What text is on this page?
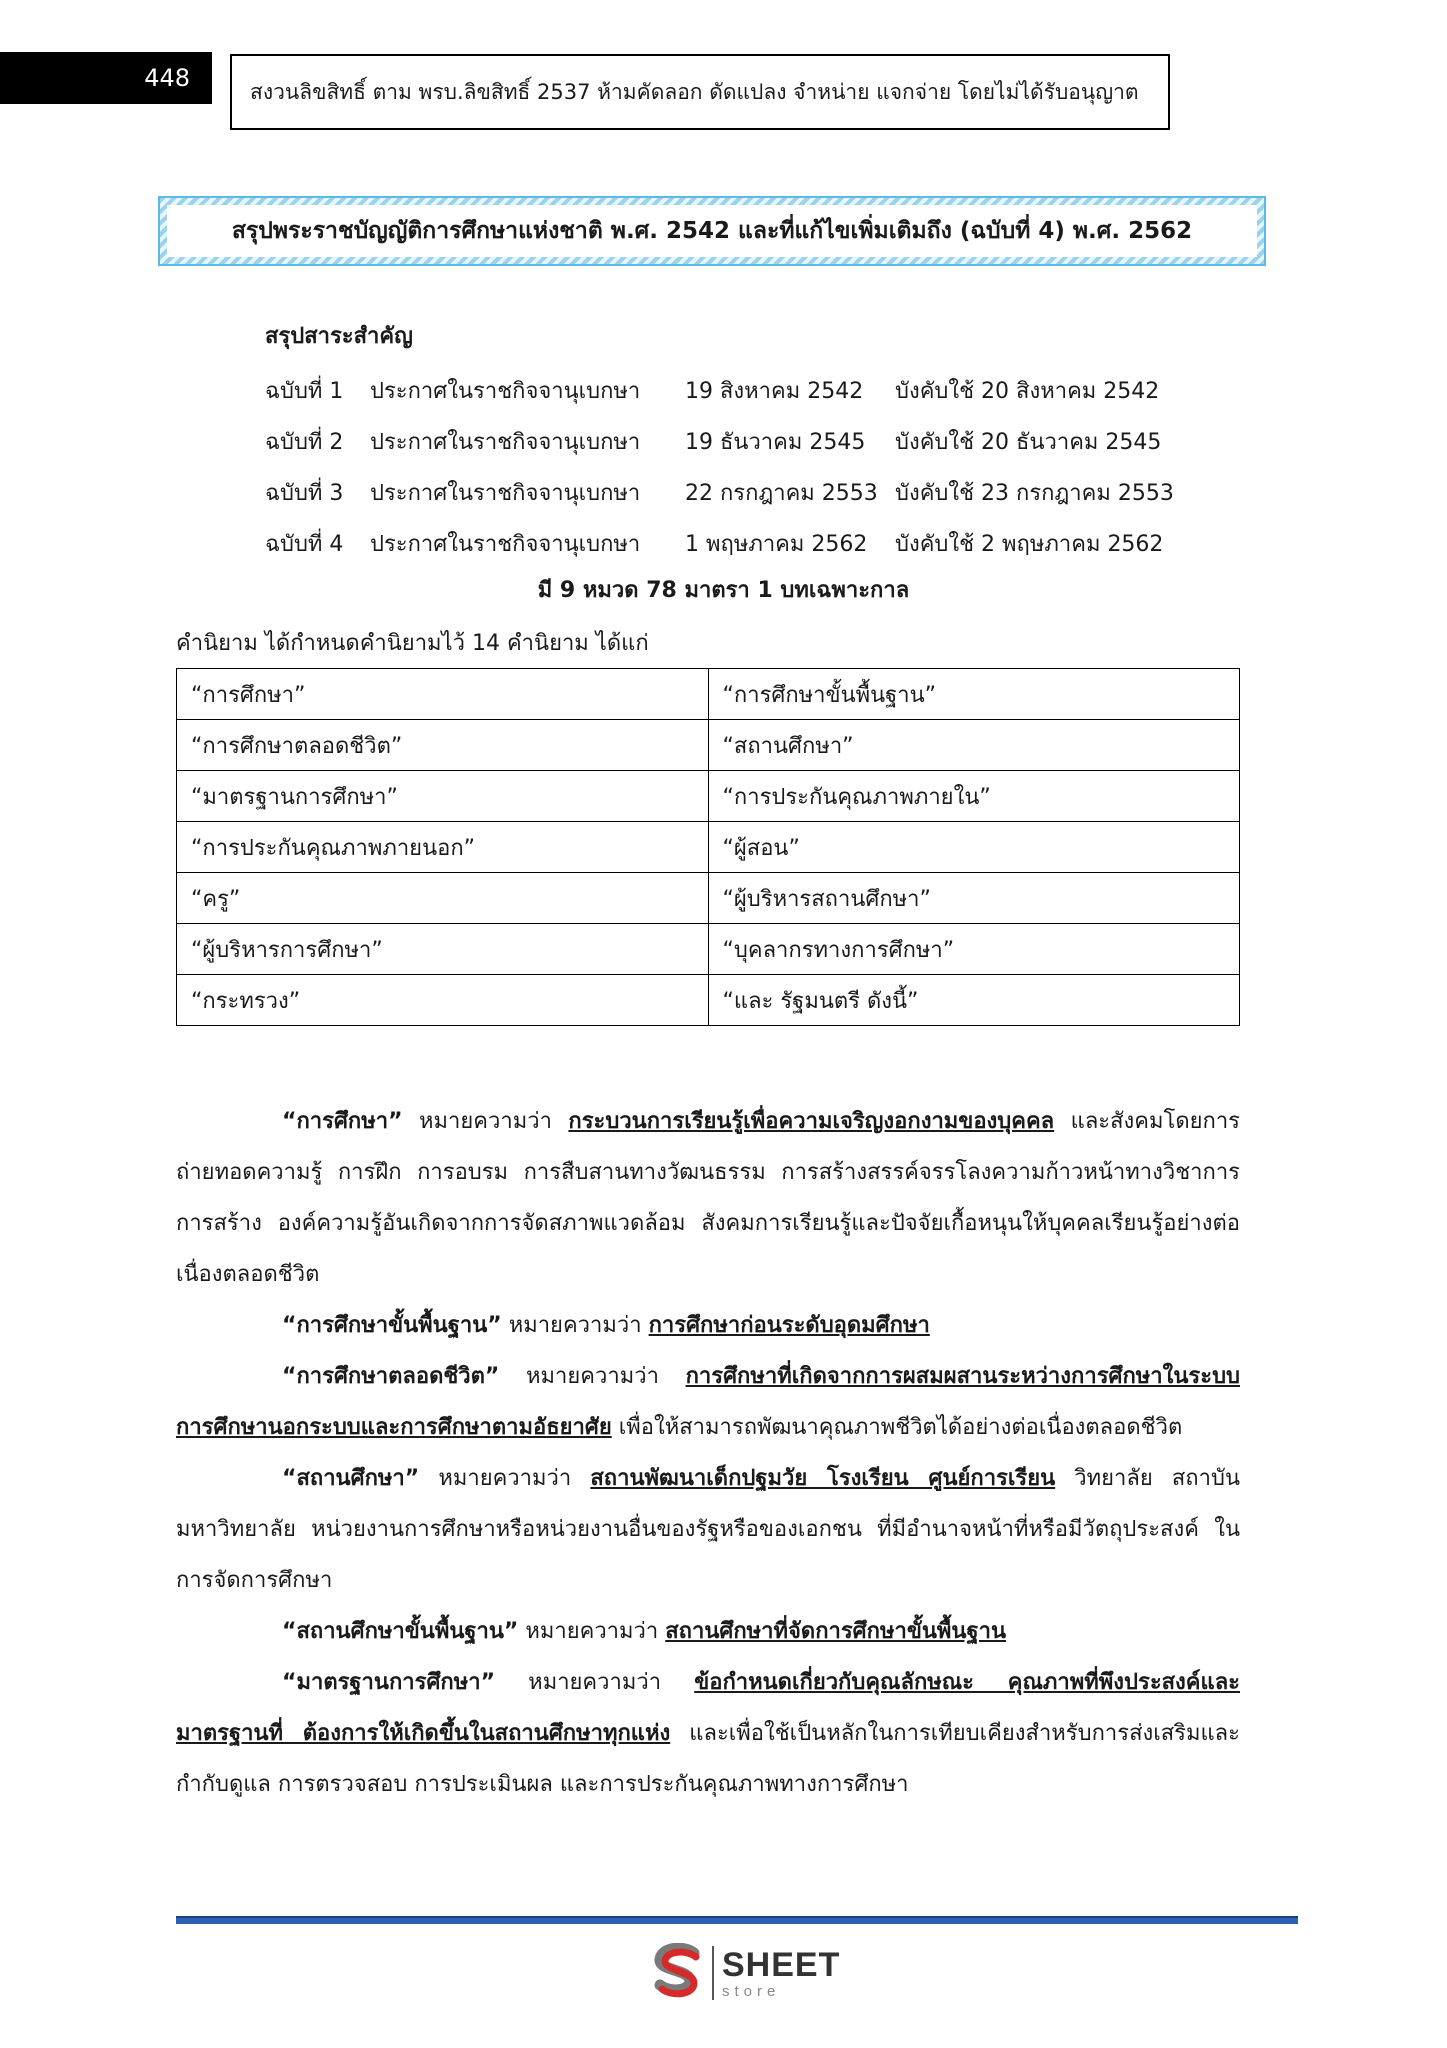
448	สงวนลิขสิทธิ์ ตาม พรบ.ลิขสิทธิ์ 2537 ห้ามคัดลอก ดัดแปลง จำหน่าย แจกจ่าย โดยไม่ได้รับอนุญาต
สรุปพระราชบัญญัติการศึกษาแห่งชาติ พ.ศ. 2542 และที่แก้ไขเพิ่มเติมถึง (ฉบับที่ 4) พ.ศ. 2562
สรุปสาระสำคัญ
ฉบับที่ 1	ประกาศในราชกิจจานุเบกษา	19 สิงหาคม 2542	บังคับใช้ 20 สิงหาคม 2542
ฉบับที่ 2	ประกาศในราชกิจจานุเบกษา	19 ธันวาคม 2545	บังคับใช้ 20 ธันวาคม 2545
ฉบับที่ 3	ประกาศในราชกิจจานุเบกษา	22 กรกฎาคม 2553 บังคับใช้ 23 กรกฎาคม 2553
ฉบับที่ 4	ประกาศในราชกิจจานุเบกษา	1 พฤษภาคม 2562	บังคับใช้ 2 พฤษภาคม 2562
มี 9 หมวด 78 มาตรา 1 บทเฉพาะกาล
คำนิยาม ได้กำหนดคำนิยามไว้ 14 คำนิยาม ได้แก่
“การศึกษา”	“การศึกษาขั้นพื้นฐาน”
“การศึกษาตลอดชีวิต”	“สถานศึกษา”
“มาตรฐานการศึกษา”	“การประกันคุณภาพภายใน”
“การประกันคุณภาพภายนอก”	“ผู้สอน”
“ครู”	“ผู้บริหารสถานศึกษา”
“ผู้บริหารการศึกษา”	“บุคลากรทางการศึกษา”
“กระทรวง”	“และ รัฐมนตรี ดังนี้”

“การศึกษา” หมายความว่า กระบวนการเรียนรู้เพื่อความเจริญงอกงามของบุคคล และสังคมโดยการ ถ่ายทอดความรู้ การฝึก การอบรม การสืบสานทางวัฒนธรรม การสร้างสรรค์จรรโลงความก้าวหน้าทางวิชาการ การสร้าง องค์ความรู้อันเกิดจากการจัดสภาพแวดล้อม สังคมการเรียนรู้และปัจจัยเกื้อหนุนให้บุคคลเรียนรู้อย่างต่อเนื่องตลอดชีวิต

“การศึกษาขั้นพื้นฐาน” หมายความว่า การศึกษาก่อนระดับอุดมศึกษา

“การศึกษาตลอดชีวิต” หมายความว่า การศึกษาที่เกิดจากการผสมผสานระหว่างการศึกษาในระบบ การศึกษานอกระบบและการศึกษาตามอัธยาศัย เพื่อให้สามารถพัฒนาคุณภาพชีวิตได้อย่างต่อเนื่องตลอดชีวิต

“สถานศึกษา” หมายความว่า สถานพัฒนาเด็กปฐมวัย โรงเรียน ศูนย์การเรียน วิทยาลัย สถาบัน มหาวิทยาลัย หน่วยงานการศึกษาหรือหน่วยงานอื่นของรัฐหรือของเอกชน ที่มีอำนาจหน้าที่หรือมีวัตถุประสงค์ ในการจัดการศึกษา

“สถานศึกษาขั้นพื้นฐาน” หมายความว่า สถานศึกษาที่จัดการศึกษาขั้นพื้นฐาน

“มาตรฐานการศึกษา” หมายความว่า ข้อกำหนดเกี่ยวกับคุณลักษณะ คุณภาพที่พึงประสงค์และมาตรฐานที่ ต้องการให้เกิดขึ้นในสถานศึกษาทุกแห่ง และเพื่อใช้เป็นหลักในการเทียบเคียงสำหรับการส่งเสริมและกำกับดูแล การตรวจสอบ การประเมินผล และการประกันคุณภาพทางการศึกษา

SHEET
store
